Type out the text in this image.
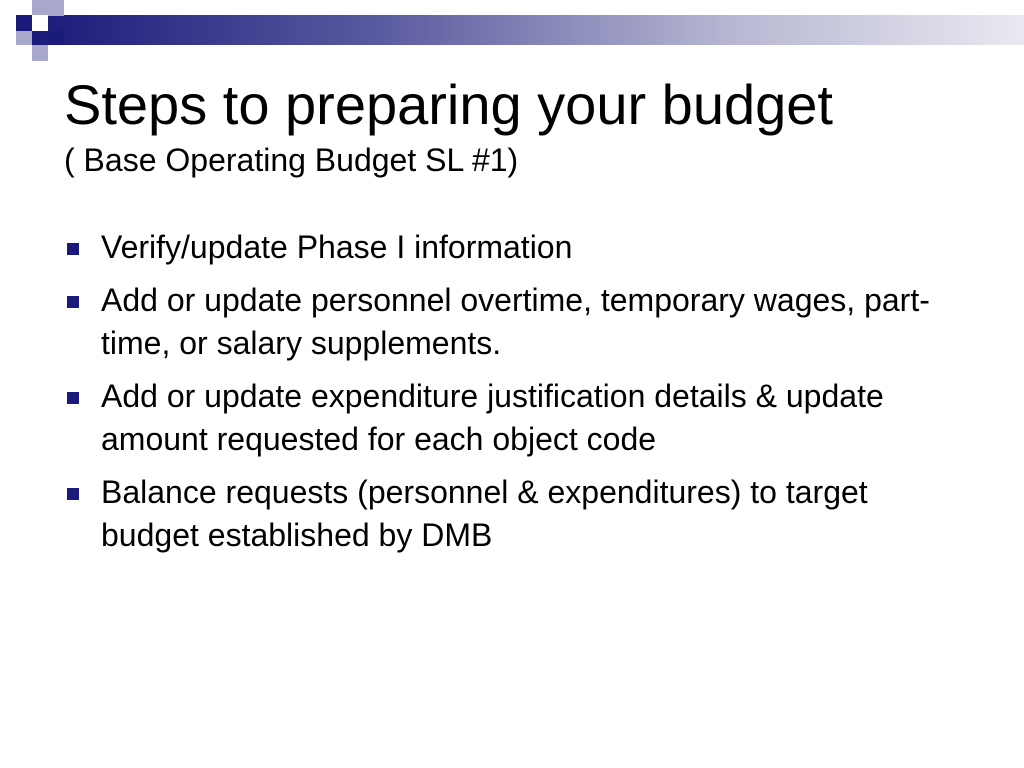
Steps to preparing your budget
( Base Operating Budget SL #1)
Verify/update Phase I information
Add or update personnel overtime, temporary wages, part-time, or salary supplements.
Add or update expenditure justification details & update amount requested for each object code
Balance requests (personnel & expenditures) to target budget established by DMB
